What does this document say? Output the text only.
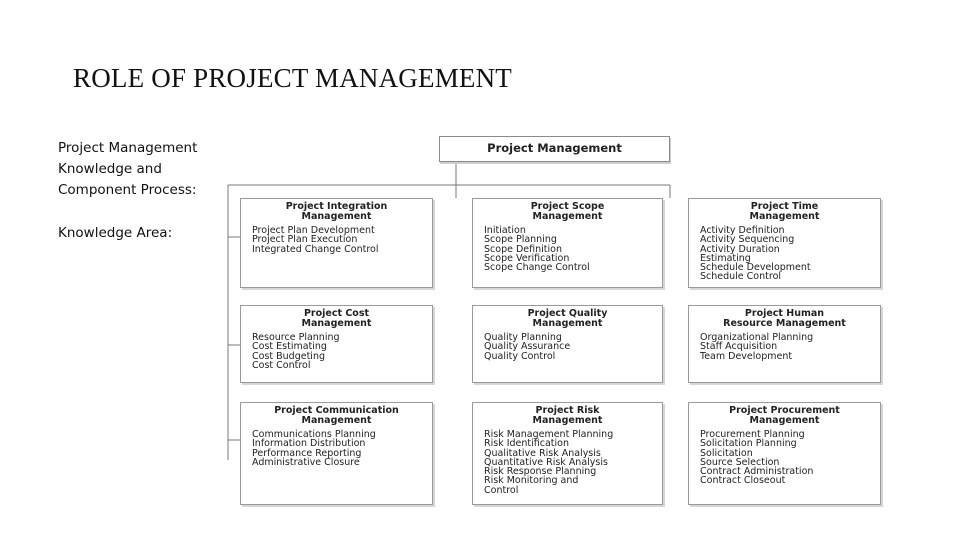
ROLE OF PROJECT MANAGEMENT
Project Management
Knowledge and
Component Process:
Knowledge Area:
Project Management
Project Integration
Management
Project Plan Development
Project Plan Execution
Integrated Change Control
Project Scope
Management
Initiation
Scope Planning
Scope Definition
Scope Verification
Scope Change Control
Project Time
Management
Activity Definition
Activity Sequencing
Activity Duration
Estimating
Schedule Development
Schedule Control
Project Cost
Management
Resource Planning
Cost Estimating
Cost Budgeting
Cost Control
Project Quality
Management
Quality Planning
Quality Assurance
Quality Control
Project Human
Resource Management
Organizational Planning
Staff Acquisition
Team Development
Project Communication
Management
Communications Planning
Information Distribution
Performance Reporting
Administrative Closure
Project Risk
Management
Risk Management Planning
Risk Identification
Qualitative Risk Analysis
Quantitative Risk Analysis
Risk Response Planning
Risk Monitoring and
Control
Project Procurement
Management
Procurement Planning
Solicitation Planning
Solicitation
Source Selection
Contract Administration
Contract Closeout
